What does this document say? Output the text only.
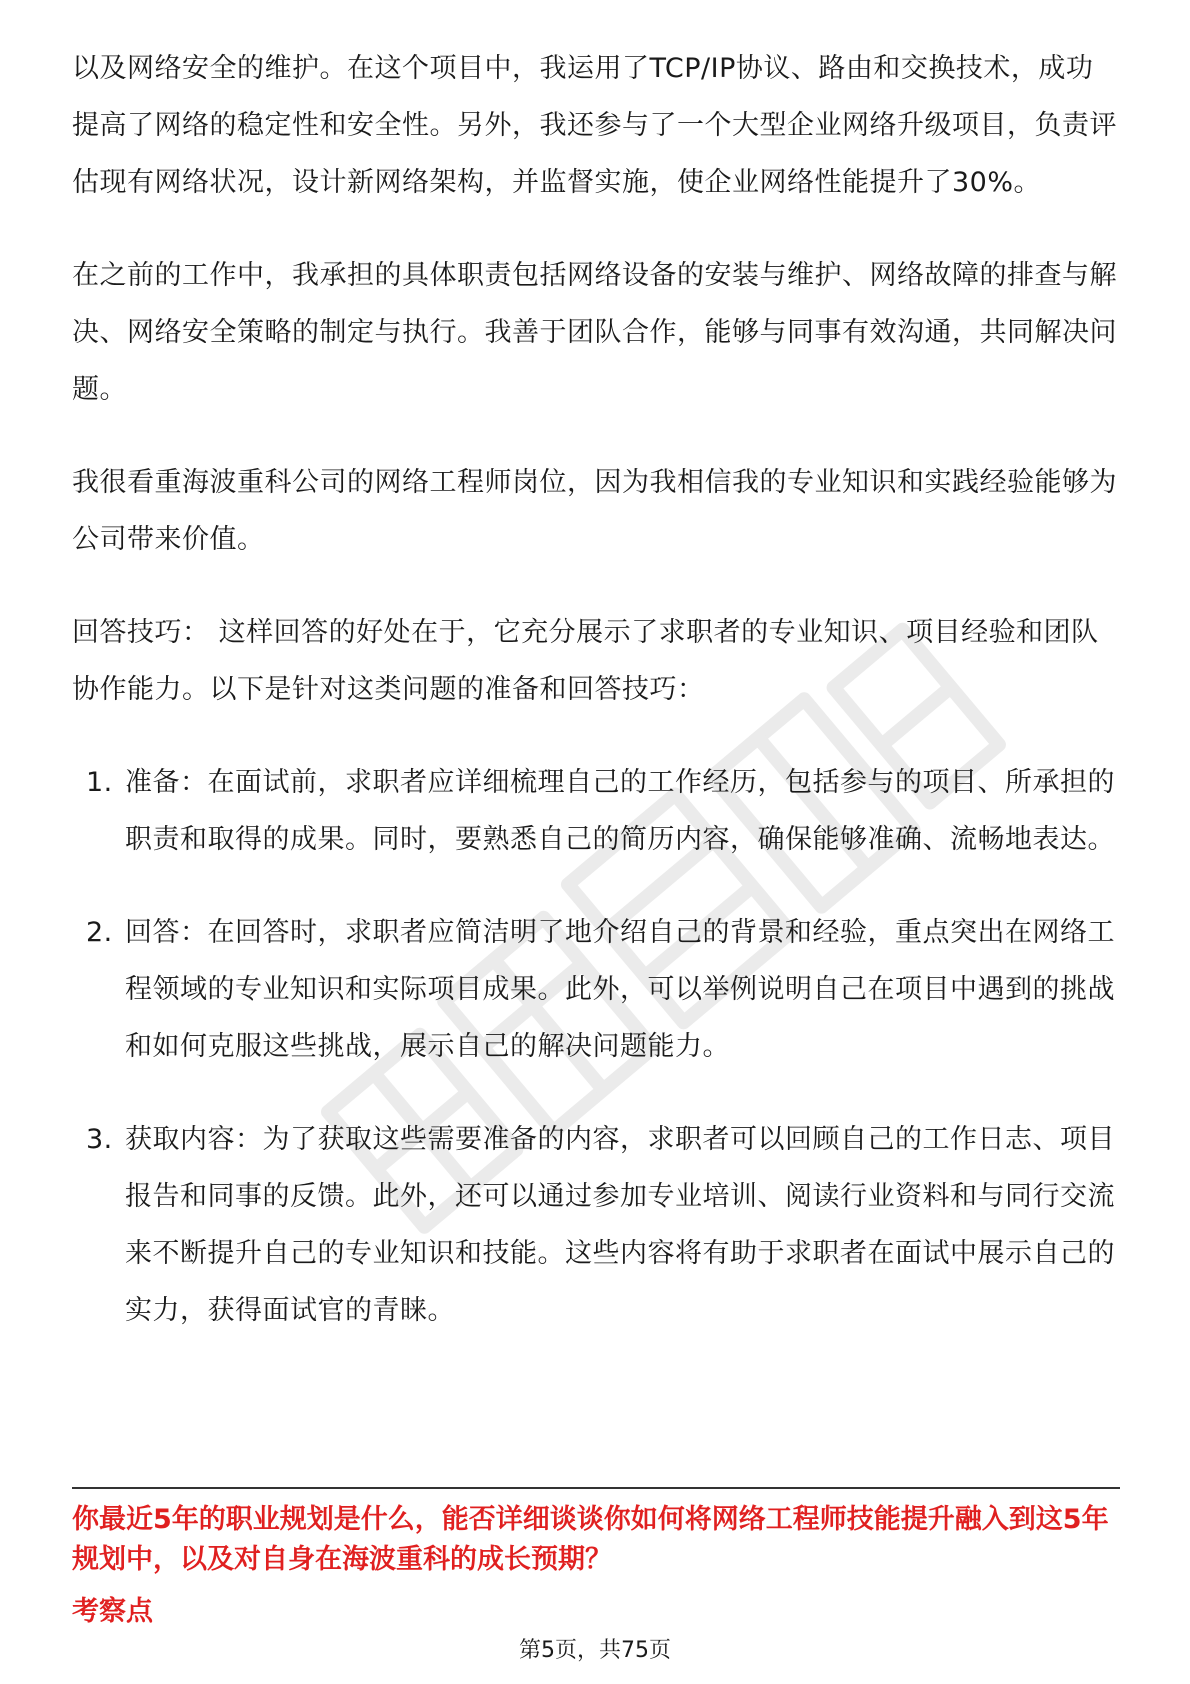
以及网络安全的维护。在这个项目中，我运用了TCP/IP协议、路由和交换技术，成功提高了网络的稳定性和安全性。另外，我还参与了一个大型企业网络升级项目，负责评估现有网络状况，设计新网络架构，并监督实施，使企业网络性能提升了30%。

在之前的工作中，我承担的具体职责包括网络设备的安装与维护、网络故障的排查与解决、网络安全策略的制定与执行。我善于团队合作，能够与同事有效沟通，共同解决问题。

我很看重海波重科公司的网络工程师岗位，因为我相信我的专业知识和实践经验能够为公司带来价值。

回答技巧： 这样回答的好处在于，它充分展示了求职者的专业知识、项目经验和团队协作能力。以下是针对这类问题的准备和回答技巧：

1. 准备：在面试前，求职者应详细梳理自己的工作经历，包括参与的项目、所承担的职责和取得的成果。同时，要熟悉自己的简历内容，确保能够准确、流畅地表达。
2. 回答：在回答时，求职者应简洁明了地介绍自己的背景和经验，重点突出在网络工程领域的专业知识和实际项目成果。此外，可以举例说明自己在项目中遇到的挑战和如何克服这些挑战，展示自己的解决问题能力。
3. 获取内容：为了获取这些需要准备的内容，求职者可以回顾自己的工作日志、项目报告和同事的反馈。此外，还可以通过参加专业培训、阅读行业资料和与同行交流来不断提升自己的专业知识和技能。这些内容将有助于求职者在面试中展示自己的实力，获得面试官的青睐。

你最近5年的职业规划是什么，能否详细谈谈你如何将网络工程师技能提升融入到这5年规划中，以及对自身在海波重科的成长预期？

考察点

第5页，共75页
